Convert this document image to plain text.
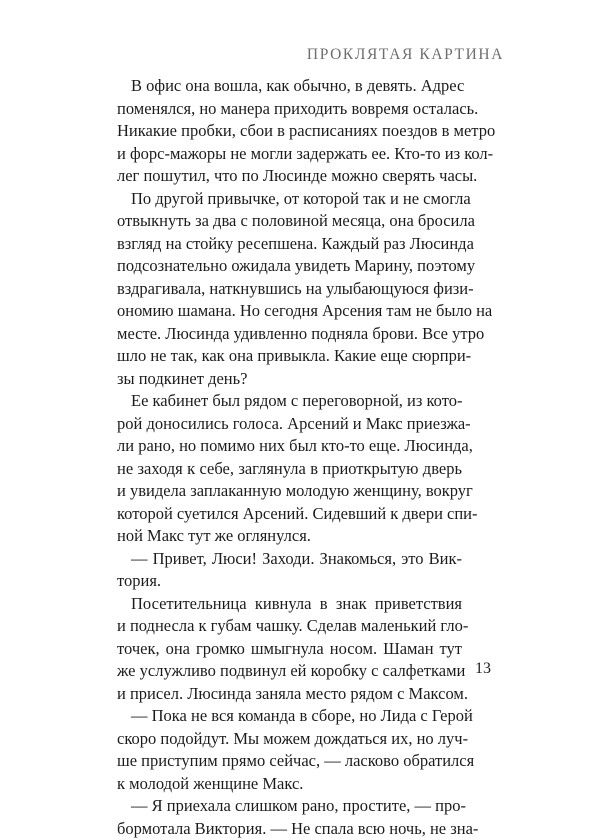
ПРОКЛЯТАЯ КАРТИНА
В офис она вошла, как обычно, в девять. Адрес
поменялся, но манера приходить вовремя осталась.
Никакие пробки, сбои в расписаниях поездов в метро
и форс-мажоры не могли задержать ее. Кто-то из кол-
лег пошутил, что по Люсинде можно сверять часы.
По другой привычке, от которой так и не смогла
отвыкнуть за два с половиной месяца, она бросила
взгляд на стойку ресепшена. Каждый раз Люсинда
подсознательно ожидала увидеть Марину, поэтому
вздрагивала, наткнувшись на улыбающуюся физи-
ономию шамана. Но сегодня Арсения там не было на
месте. Люсинда удивленно подняла брови. Все утро
шло не так, как она привыкла. Какие еще сюрпри-
зы подкинет день?
Ее кабинет был рядом с переговорной, из кото-
рой доносились голоса. Арсений и Макс приезжа-
ли рано, но помимо них был кто-то еще. Люсинда,
не заходя к себе, заглянула в приоткрытую дверь
и увидела заплаканную молодую женщину, вокруг
которой суетился Арсений. Сидевший к двери спи-
ной Макс тут же оглянулся.
— Привет, Люси! Заходи. Знакомься, это Вик-
тория.
Посетительница кивнула в знак приветствия
и поднесла к губам чашку. Сделав маленький гло-
точек, она громко шмыгнула носом. Шаман тут
же услужливо подвинул ей коробку с салфетками
и присел. Люсинда заняла место рядом с Максом.
— Пока не вся команда в сборе, но Лида с Герой
скоро подойдут. Мы можем дождаться их, но луч-
ше приступим прямо сейчас, — ласково обратился
к молодой женщине Макс.
— Я приехала слишком рано, простите, — про-
бормотала Виктория. — Не спала всю ночь, не зна-
13
